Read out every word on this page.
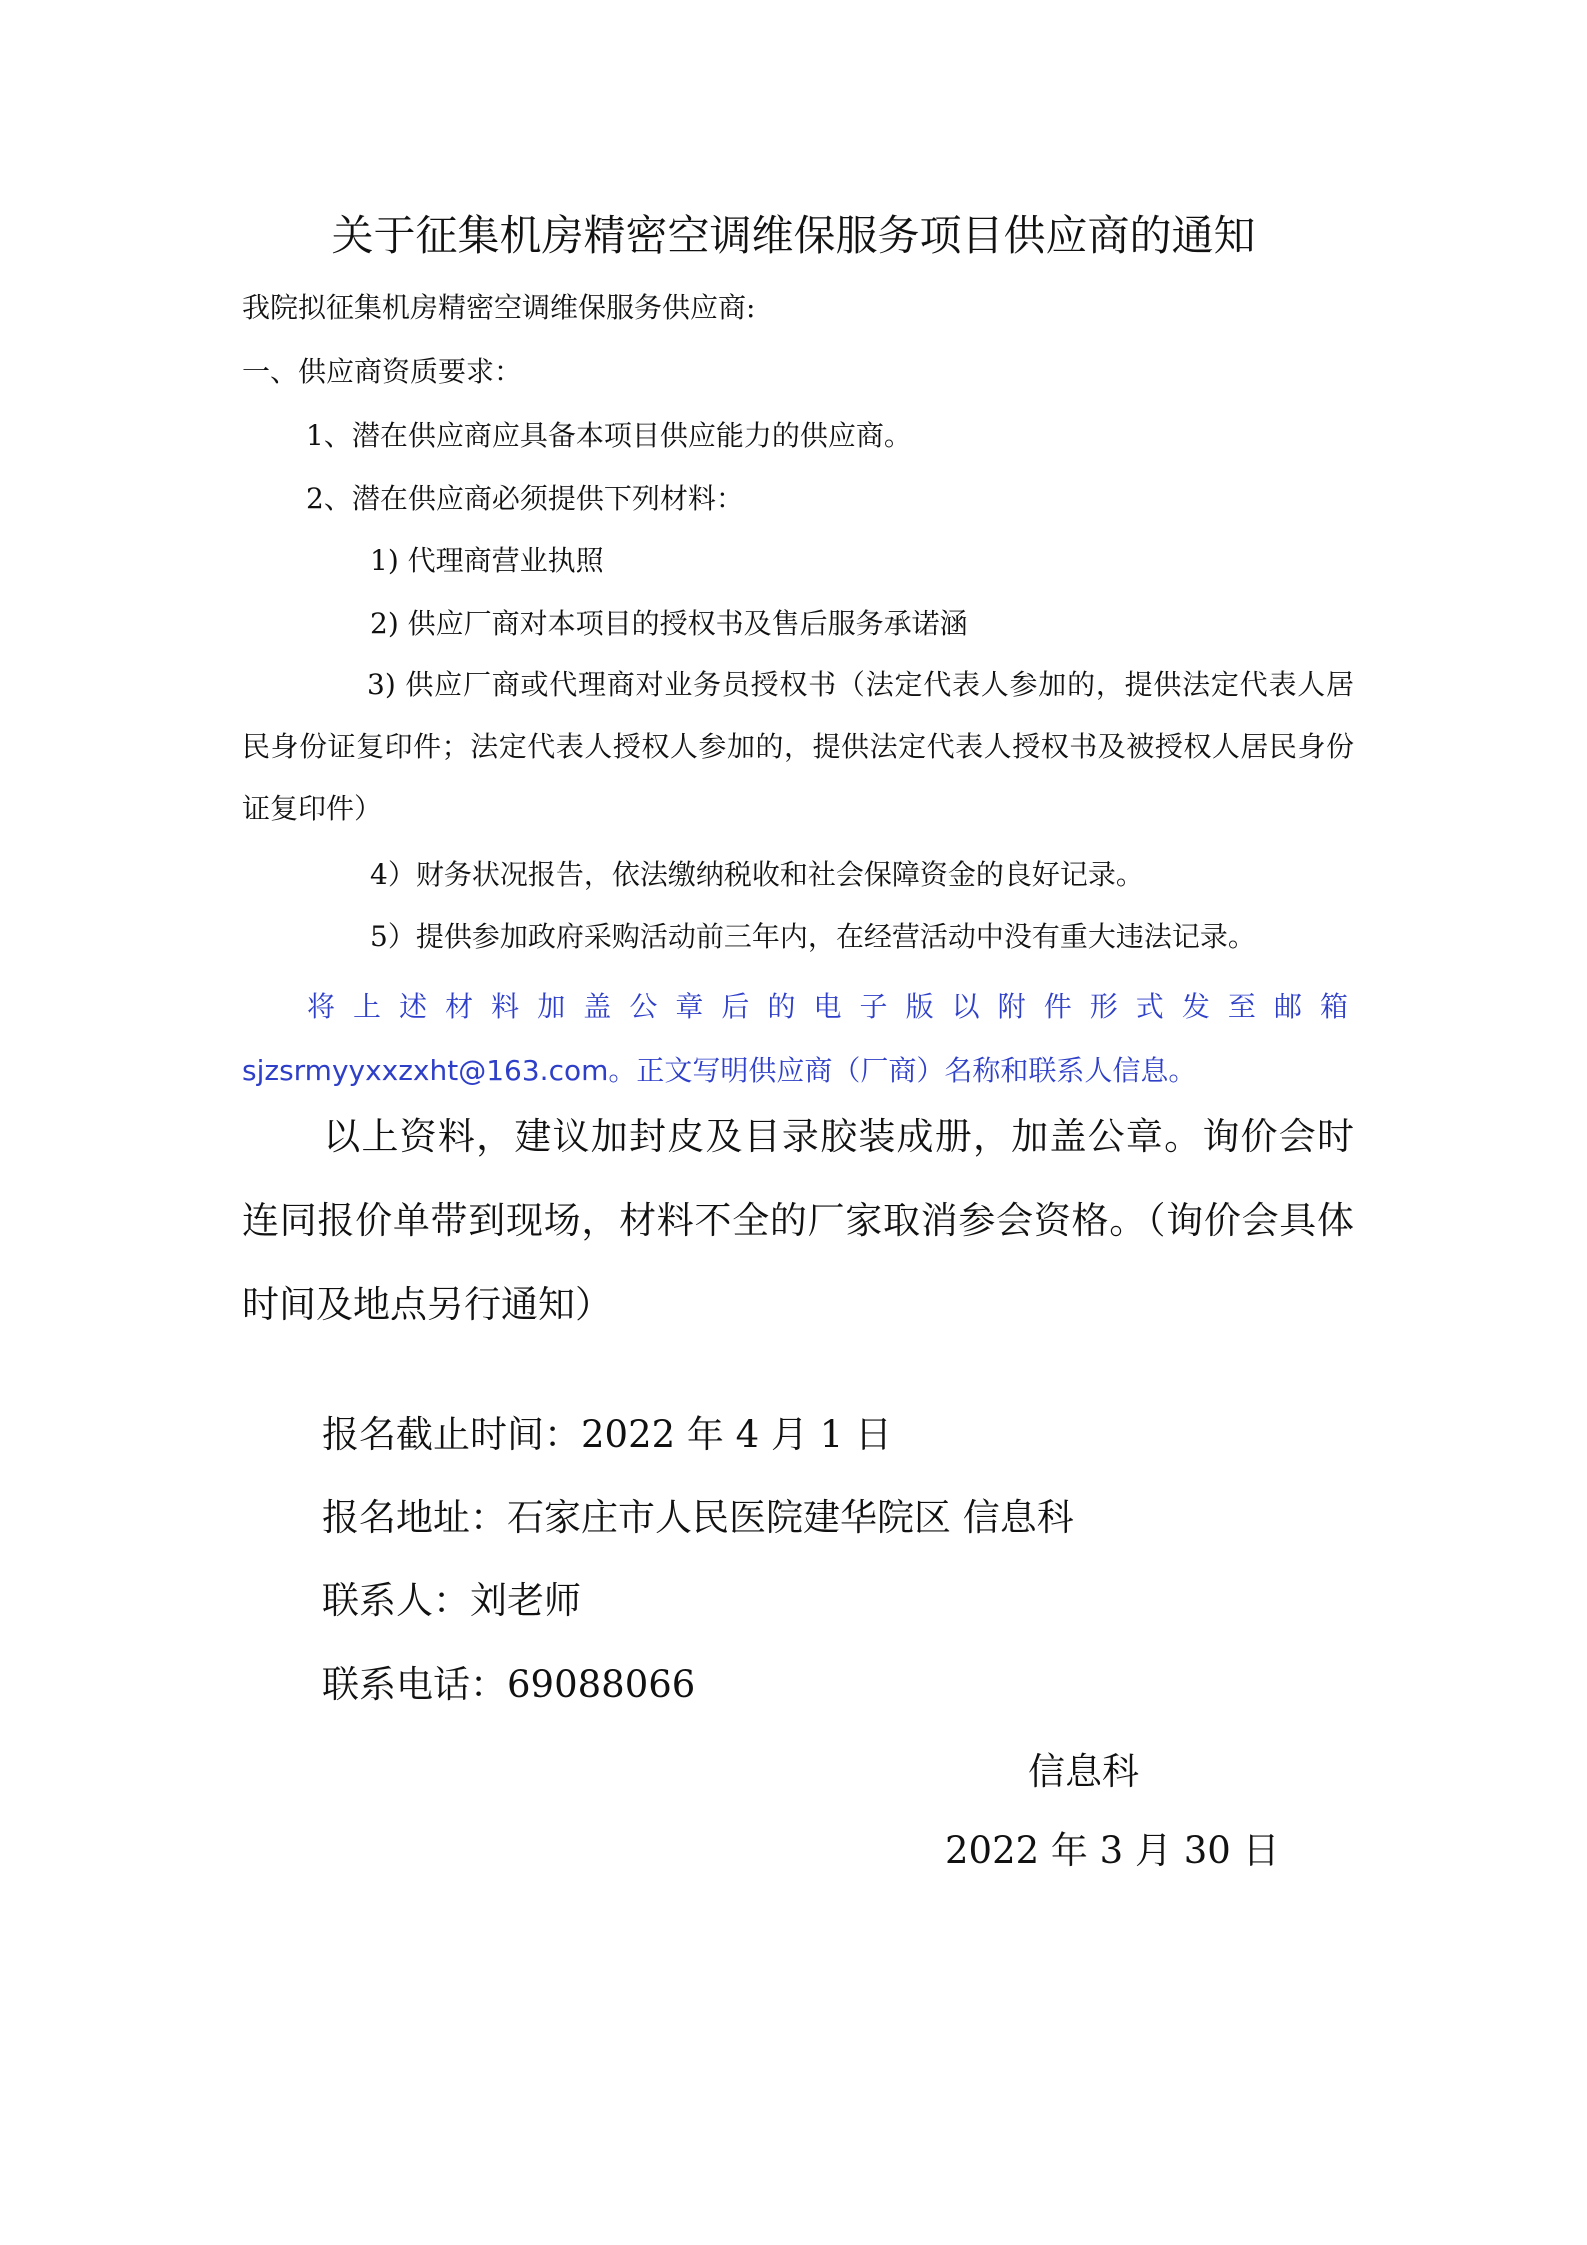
关于征集机房精密空调维保服务项目供应商的通知
我院拟征集机房精密空调维保服务供应商:
一、供应商资质要求：
1、潜在供应商应具备本项目供应能力的供应商。
2、潜在供应商必须提供下列材料：
1) 代理商营业执照
2) 供应厂商对本项目的授权书及售后服务承诺涵
3) 供应厂商或代理商对业务员授权书（法定代表人参加的，提供法定代表人居民身份证复印件；法定代表人授权人参加的，提供法定代表人授权书及被授权人居民身份证复印件）
4）财务状况报告，依法缴纳税收和社会保障资金的良好记录。
5）提供参加政府采购活动前三年内，在经营活动中没有重大违法记录。
将上述材料加盖公章后的电子版以附件形式发至邮箱
sjzsrmyyxxzxht@163.com。正文写明供应商（厂商）名称和联系人信息。
以上资料，建议加封皮及目录胶装成册，加盖公章。询价会时连同报价单带到现场，材料不全的厂家取消参会资格。（询价会具体时间及地点另行通知）
报名截止时间：2022 年 4 月 1 日
报名地址：石家庄市人民医院建华院区 信息科
联系人：刘老师
联系电话：69088066
信息科
2022 年 3 月 30 日
